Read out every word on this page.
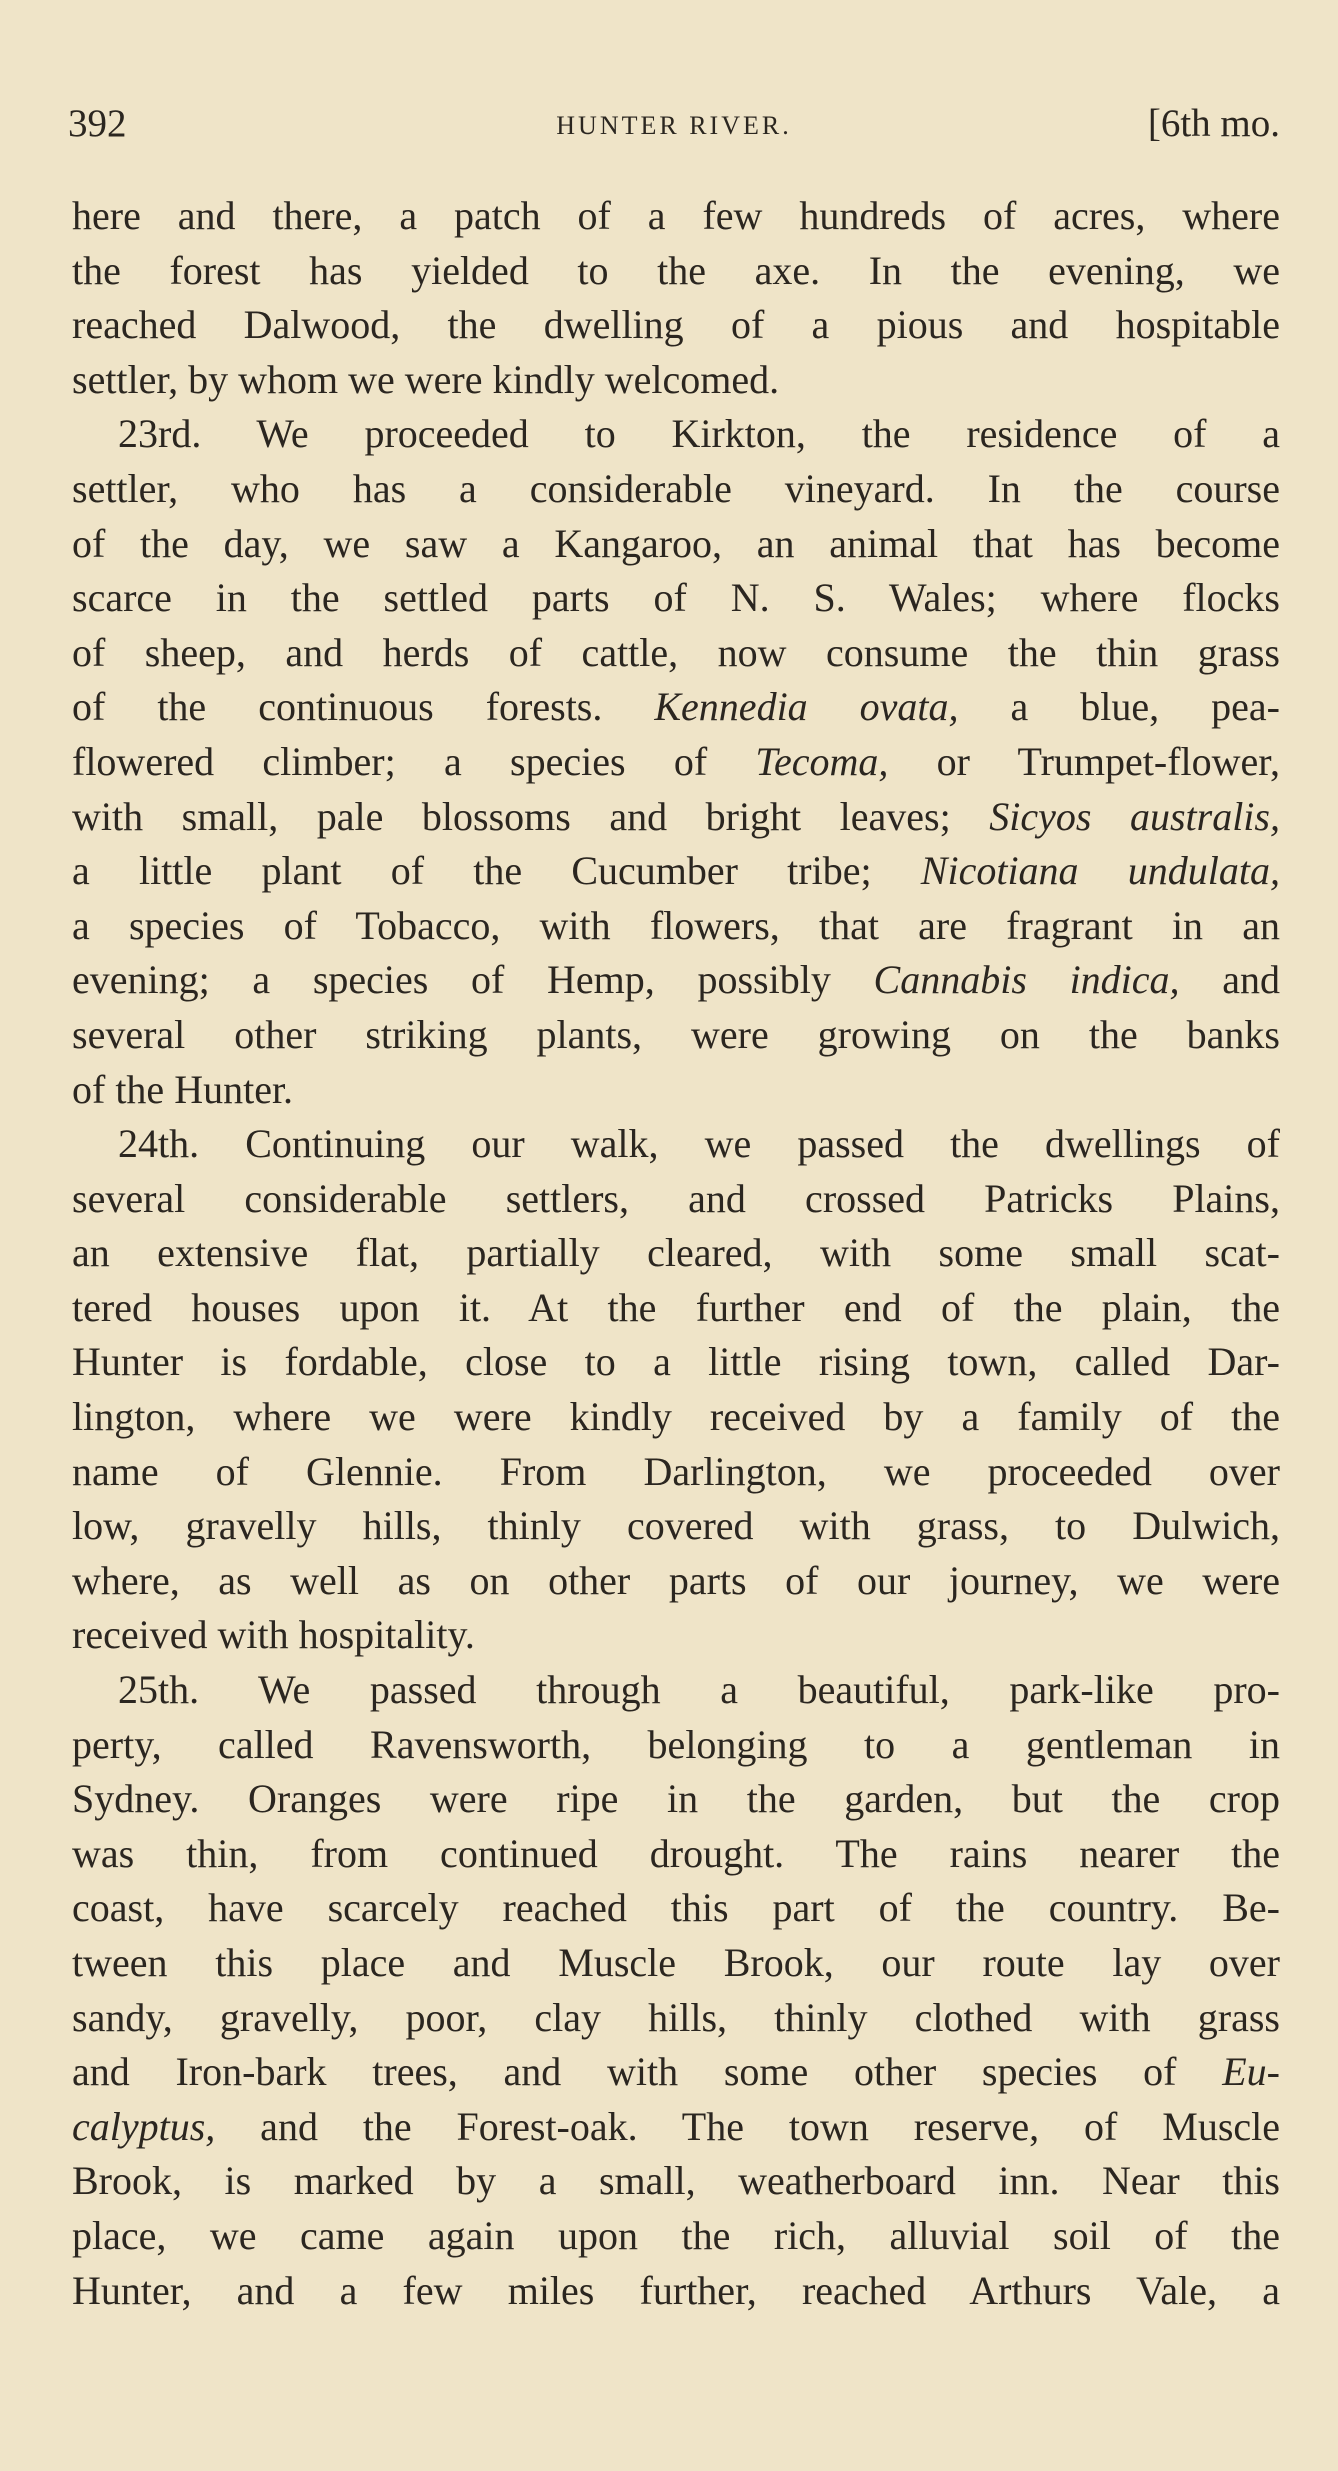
392	HUNTER RIVER.	[6th mo.
here and there, a patch of a few hundreds of acres, where
the forest has yielded to the axe. In the evening, we
reached Dalwood, the dwelling of a pious and hospitable
settler, by whom we were kindly welcomed.
23rd. We proceeded to Kirkton, the residence of a
settler, who has a considerable vineyard. In the course
of the day, we saw a Kangaroo, an animal that has become
scarce in the settled parts of N. S. Wales; where flocks
of sheep, and herds of cattle, now consume the thin grass
of the continuous forests. Kennedia ovata, a blue, pea-
flowered climber; a species of Tecoma, or Trumpet-flower,
with small, pale blossoms and bright leaves; Sicyos australis,
a little plant of the Cucumber tribe; Nicotiana undulata,
a species of Tobacco, with flowers, that are fragrant in an
evening; a species of Hemp, possibly Cannabis indica, and
several other striking plants, were growing on the banks
of the Hunter.
24th. Continuing our walk, we passed the dwellings of
several considerable settlers, and crossed Patricks Plains,
an extensive flat, partially cleared, with some small scat-
tered houses upon it. At the further end of the plain, the
Hunter is fordable, close to a little rising town, called Dar-
lington, where we were kindly received by a family of the
name of Glennie. From Darlington, we proceeded over
low, gravelly hills, thinly covered with grass, to Dulwich,
where, as well as on other parts of our journey, we were
received with hospitality.
25th. We passed through a beautiful, park-like pro-
perty, called Ravensworth, belonging to a gentleman in
Sydney. Oranges were ripe in the garden, but the crop
was thin, from continued drought. The rains nearer the
coast, have scarcely reached this part of the country. Be-
tween this place and Muscle Brook, our route lay over
sandy, gravelly, poor, clay hills, thinly clothed with grass
and Iron-bark trees, and with some other species of Eu-
calyptus, and the Forest-oak. The town reserve, of Muscle
Brook, is marked by a small, weatherboard inn. Near this
place, we came again upon the rich, alluvial soil of the
Hunter, and a few miles further, reached Arthurs Vale, a
